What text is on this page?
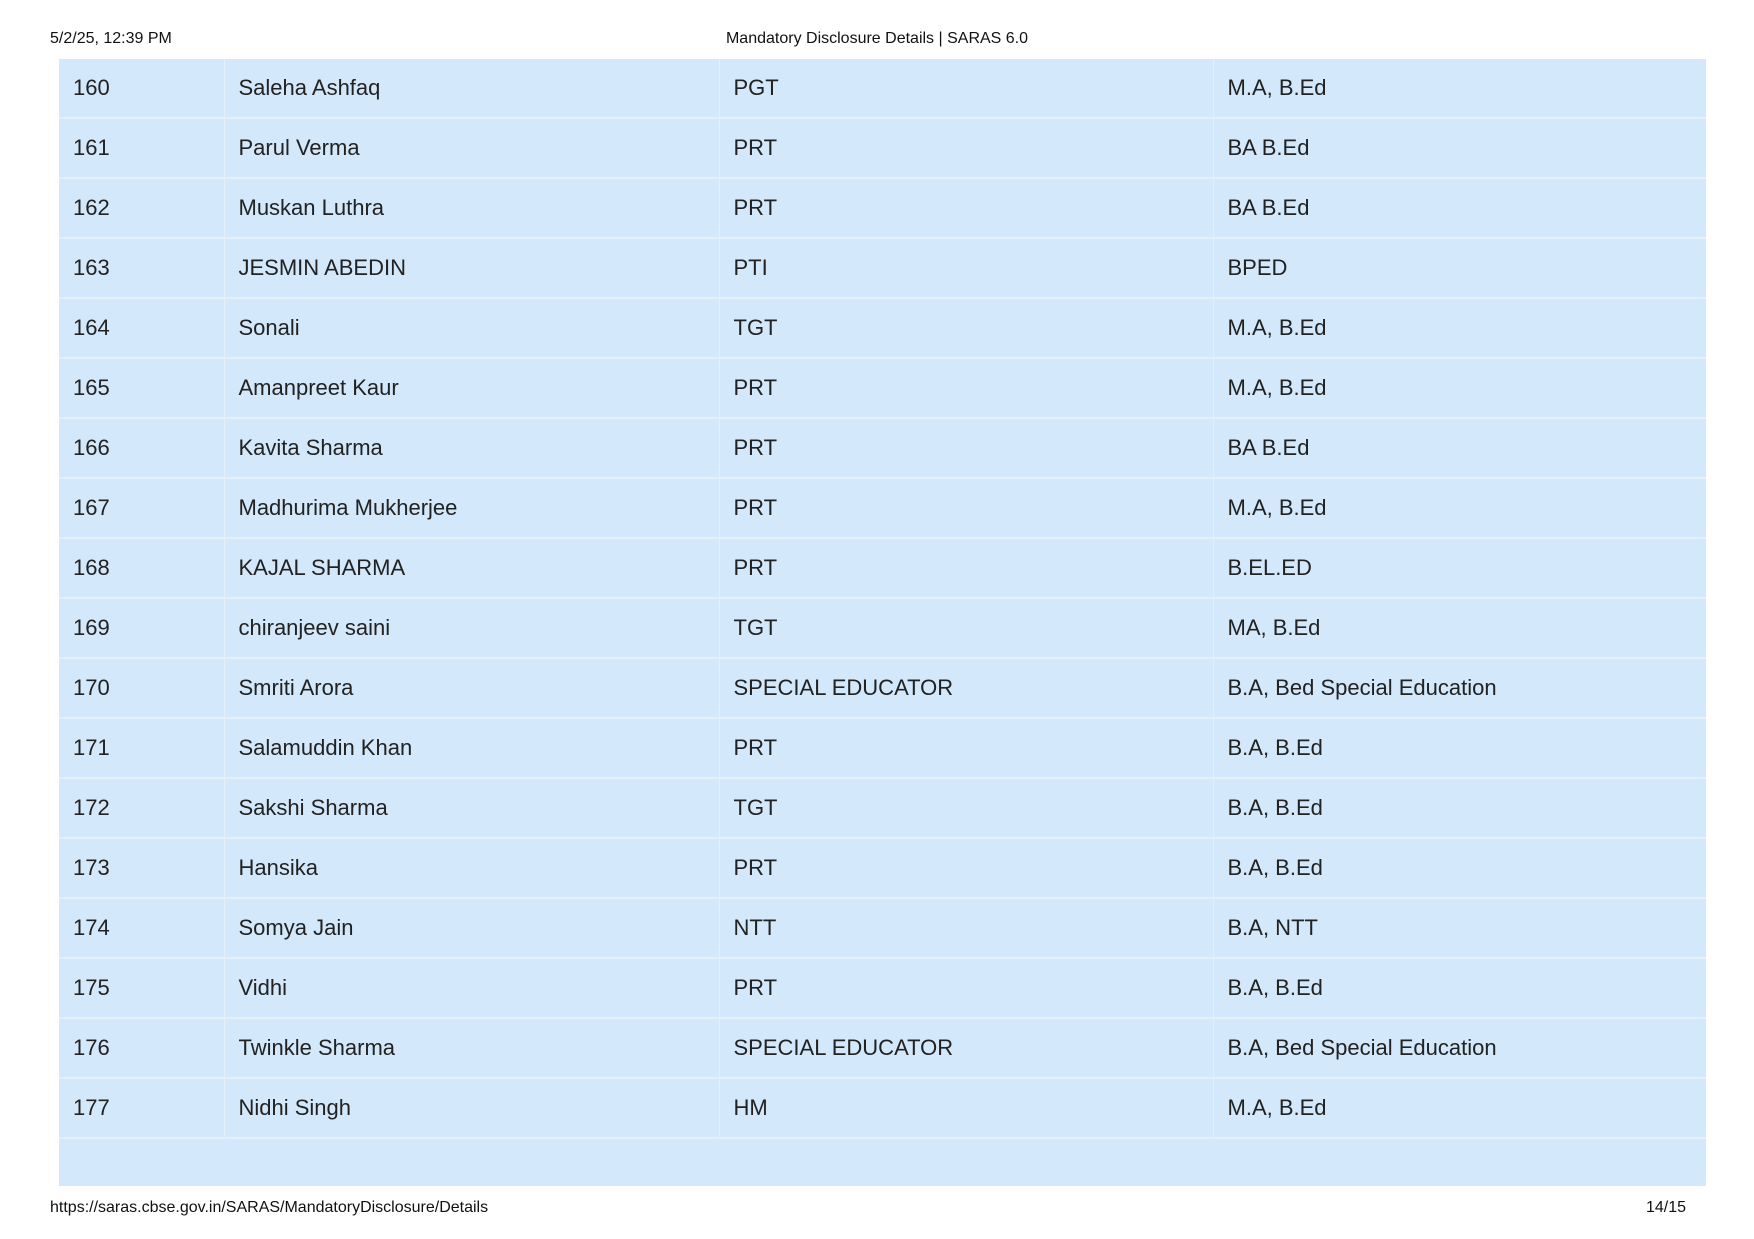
5/2/25, 12:39 PM	Mandatory Disclosure Details | SARAS 6.0
160	Saleha Ashfaq	PGT	M.A, B.Ed
161	Parul Verma	PRT	BA B.Ed
162	Muskan Luthra	PRT	BA B.Ed
163	JESMIN ABEDIN	PTI	BPED
164	Sonali	TGT	M.A, B.Ed
165	Amanpreet Kaur	PRT	M.A, B.Ed
166	Kavita Sharma	PRT	BA B.Ed
167	Madhurima Mukherjee	PRT	M.A, B.Ed
168	KAJAL SHARMA	PRT	B.EL.ED
169	chiranjeev saini	TGT	MA, B.Ed
170	Smriti Arora	SPECIAL EDUCATOR	B.A, Bed Special Education
171	Salamuddin Khan	PRT	B.A, B.Ed
172	Sakshi Sharma	TGT	B.A, B.Ed
173	Hansika	PRT	B.A, B.Ed
174	Somya Jain	NTT	B.A, NTT
175	Vidhi	PRT	B.A, B.Ed
176	Twinkle Sharma	SPECIAL EDUCATOR	B.A, Bed Special Education
177	Nidhi Singh	HM	M.A, B.Ed
https://saras.cbse.gov.in/SARAS/MandatoryDisclosure/Details	14/15
